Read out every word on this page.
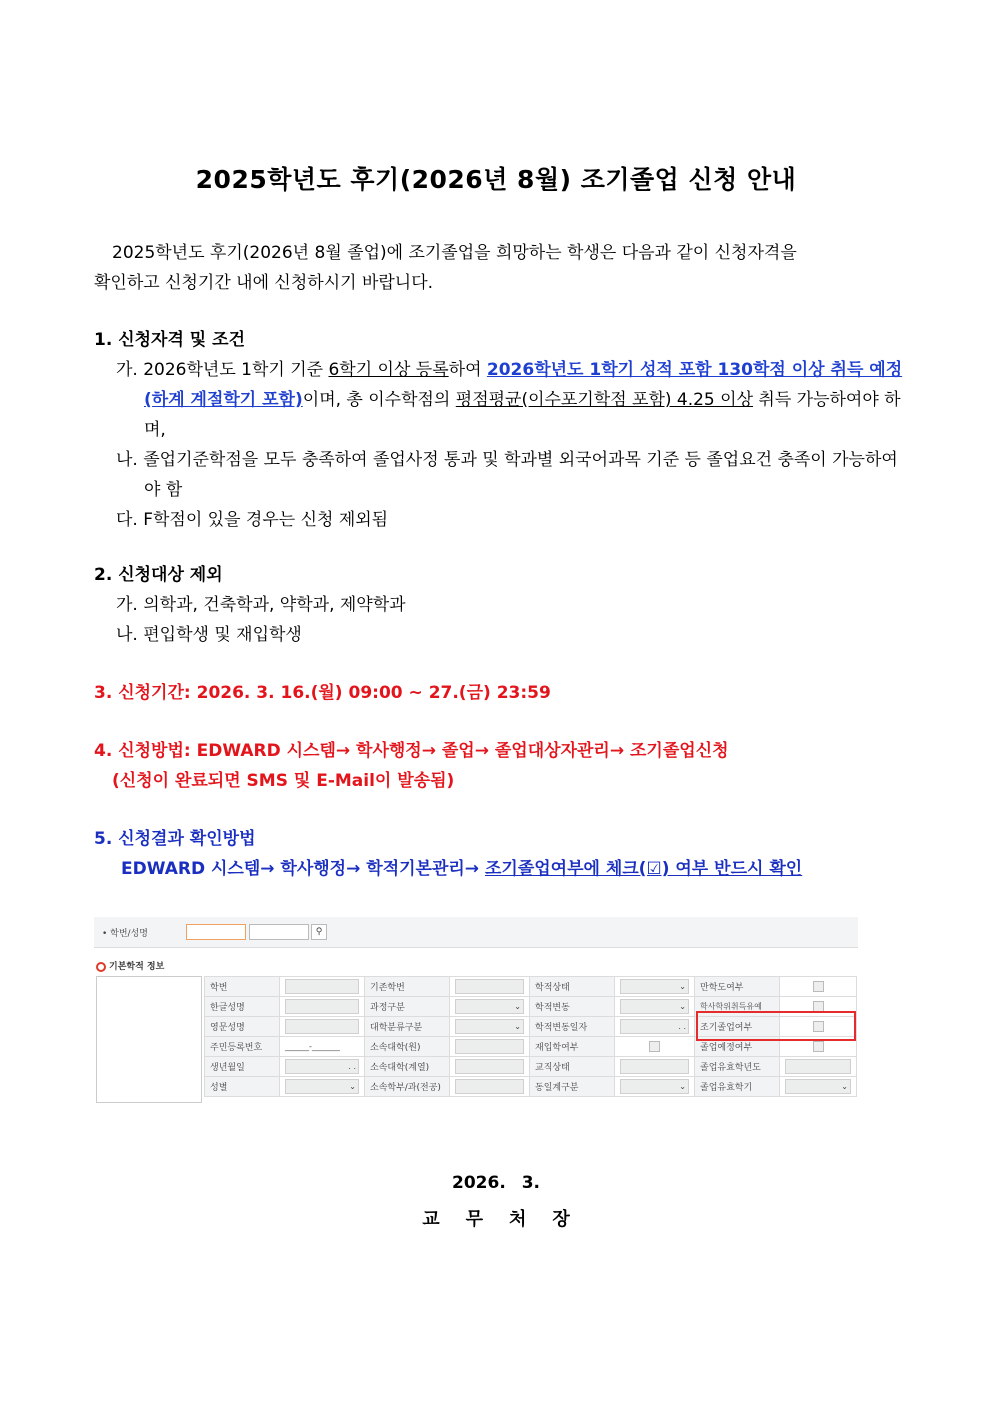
2025학년도 후기(2026년 8월) 조기졸업 신청 안내

2025학년도 후기(2026년 8월 졸업)에 조기졸업을 희망하는 학생은 다음과 같이 신청자격을

확인하고 신청기간 내에 신청하시기 바랍니다.

1. 신청자격 및 조건

가. 2026학년도 1학기 기준 6학기 이상 등록하여 2026학년도 1학기 성적 포함 130학점 이상 취득 예정(하계 계절학기 포함)이며, 총 이수학점의 평점평균(이수포기학점 포함) 4.25 이상 취득 가능하여야 하며,

나. 졸업기준학점을 모두 충족하여 졸업사정 통과 및 학과별 외국어과목 기준 등 졸업요건 충족이 가능하여야 함

다. F학점이 있을 경우는 신청 제외됨

2. 신청대상 제외

가. 의학과, 건축학과, 약학과, 제약학과

나. 편입학생 및 재입학생

3. 신청기간: 2026. 3. 16.(월) 09:00 ~ 27.(금) 23:59
4. 신청방법: EDWARD 시스템→ 학사행정→ 졸업→ 졸업대상자관리→ 조기졸업신청
(신청이 완료되면 SMS 및 E-Mail이 발송됨)
5. 신청결과 확인방법
EDWARD 시스템→ 학사행정→ 학적기본관리→ 조기졸업여부에 체크(☑) 여부 반드시 확인
• 학번/성명	⚲
기본학적 정보
학번		기존학번		학적상태	⌄	만학도여부	

한글성명		과정구분	⌄	학적변동	⌄	학사학위취득유예	

영문성명		대학분류구분	⌄	학적변동일자	. .	조기졸업여부	

주민등록번호	______-_______	소속대학(원)		재입학여부		졸업예정여부	

생년월일	. .	소속대학(계열)		교직상태		졸업유효학년도	

성별	⌄	소속학부/과(전공)		동일계구분	⌄	졸업유효학기	⌄
2026. 3.
교무처장
